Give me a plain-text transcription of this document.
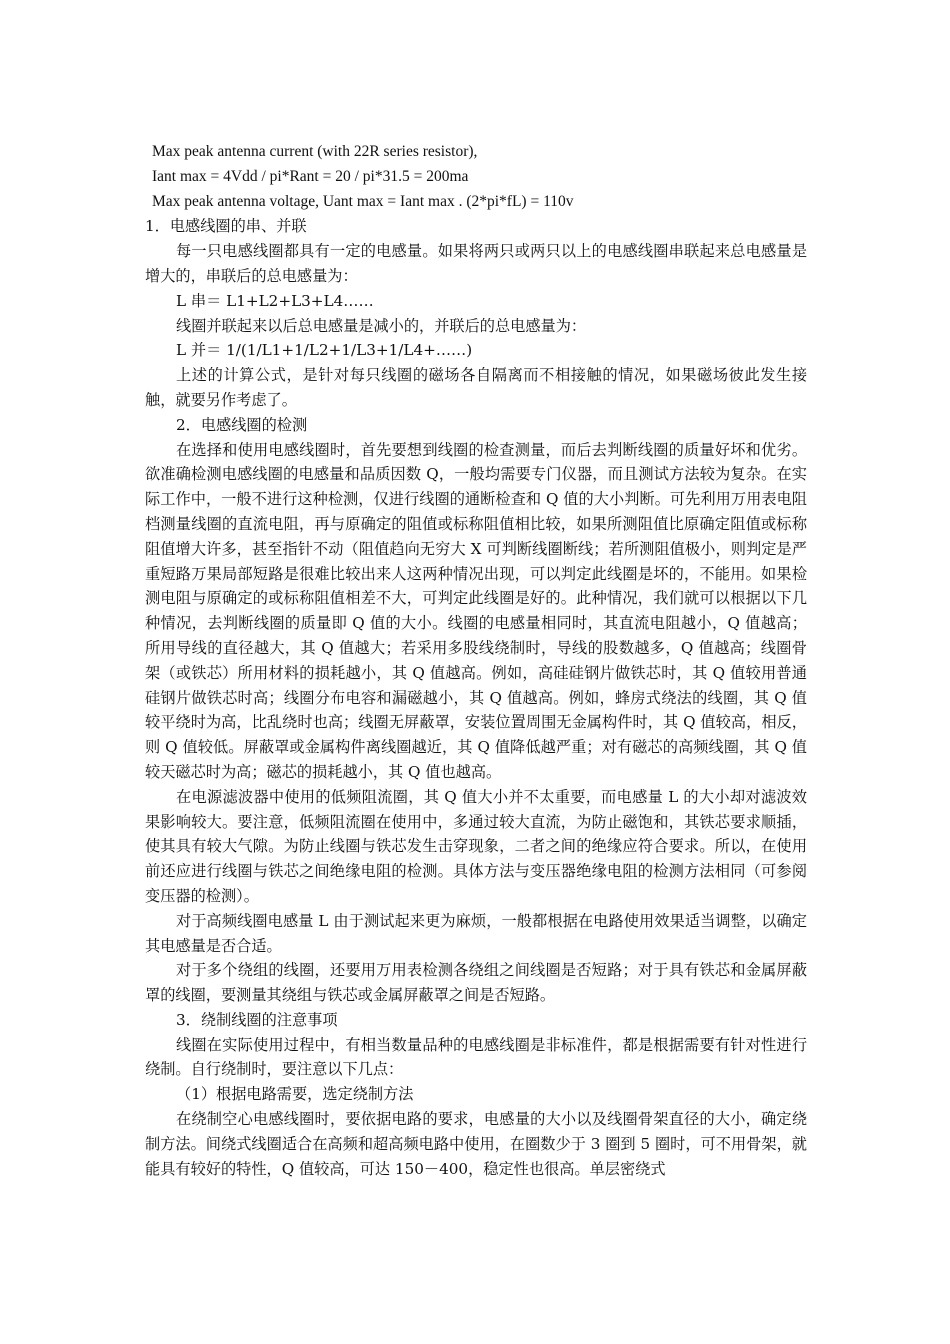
Max peak antenna current (with 22R series resistor),
Iant max = 4Vdd / pi*Rant = 20 / pi*31.5 = 200ma
Max peak antenna voltage, Uant max = Iant max . (2*pi*fL) = 110v

1．电感线圈的串、并联

每一只电感线圈都具有一定的电感量。如果将两只或两只以上的电感线圈串联起来总电感量是增大的，串联后的总电感量为：

L 串＝ L1+L2+L3+L4……

线圈并联起来以后总电感量是减小的，并联后的总电感量为：

L 并＝ 1/(1/L1+1/L2+1/L3+1/L4+……)

上述的计算公式，是针对每只线圈的磁场各自隔离而不相接触的情况，如果磁场彼此发生接触，就要另作考虑了。

2．电感线圈的检测

在选择和使用电感线圈时，首先要想到线圈的检查测量，而后去判断线圈的质量好坏和优劣。欲准确检测电感线圈的电感量和品质因数 Q，一般均需要专门仪器，而且测试方法较为复杂。在实际工作中，一般不进行这种检测，仅进行线圈的通断检查和 Q 值的大小判断。可先利用万用表电阻档测量线圈的直流电阻，再与原确定的阻值或标称阻值相比较，如果所测阻值比原确定阻值或标称阻值增大许多，甚至指针不动（阻值趋向无穷大 X 可判断线圈断线；若所测阻值极小，则判定是严重短路万果局部短路是很难比较出来人这两种情况出现，可以判定此线圈是坏的，不能用。如果检测电阻与原确定的或标称阻值相差不大，可判定此线圈是好的。此种情况，我们就可以根据以下几种情况，去判断线圈的质量即 Q 值的大小。线圈的电感量相同时，其直流电阻越小，Q 值越高；所用导线的直径越大，其 Q 值越大；若采用多股线绕制时，导线的股数越多，Q 值越高；线圈骨架（或铁芯）所用材料的损耗越小，其 Q 值越高。例如，高硅硅钢片做铁芯时，其 Q 值较用普通硅钢片做铁芯时高；线圈分布电容和漏磁越小，其 Q 值越高。例如，蜂房式绕法的线圈，其 Q 值较平绕时为高，比乱绕时也高；线圈无屏蔽罩，安装位置周围无金属构件时，其 Q 值较高，相反，则 Q 值较低。屏蔽罩或金属构件离线圈越近，其 Q 值降低越严重；对有磁芯的高频线圈，其 Q 值较天磁芯时为高；磁芯的损耗越小，其 Q 值也越高。

在电源滤波器中使用的低频阻流圈，其 Q 值大小并不太重要，而电感量 L 的大小却对滤波效果影响较大。要注意，低频阻流圈在使用中，多通过较大直流，为防止磁饱和，其铁芯要求顺插，使其具有较大气隙。为防止线圈与铁芯发生击穿现象，二者之间的绝缘应符合要求。所以，在使用前还应进行线圈与铁芯之间绝缘电阻的检测。具体方法与变压器绝缘电阻的检测方法相同（可参阅变压器的检测）。

对于高频线圈电感量 L 由于测试起来更为麻烦，一般都根据在电路使用效果适当调整，以确定其电感量是否合适。

对于多个绕组的线圈，还要用万用表检测各绕组之间线圈是否短路；对于具有铁芯和金属屏蔽罩的线圈，要测量其绕组与铁芯或金属屏蔽罩之间是否短路。

3．绕制线圈的注意事项

线圈在实际使用过程中，有相当数量品种的电感线圈是非标准件，都是根据需要有针对性进行绕制。自行绕制时，要注意以下几点：

（1）根据电路需要，选定绕制方法

在绕制空心电感线圈时，要依据电路的要求，电感量的大小以及线圈骨架直径的大小，确定绕制方法。间绕式线圈适合在高频和超高频电路中使用，在圈数少于 3 圈到 5 圈时，可不用骨架，就能具有较好的特性，Q 值较高，可达 150－400，稳定性也很高。单层密绕式
